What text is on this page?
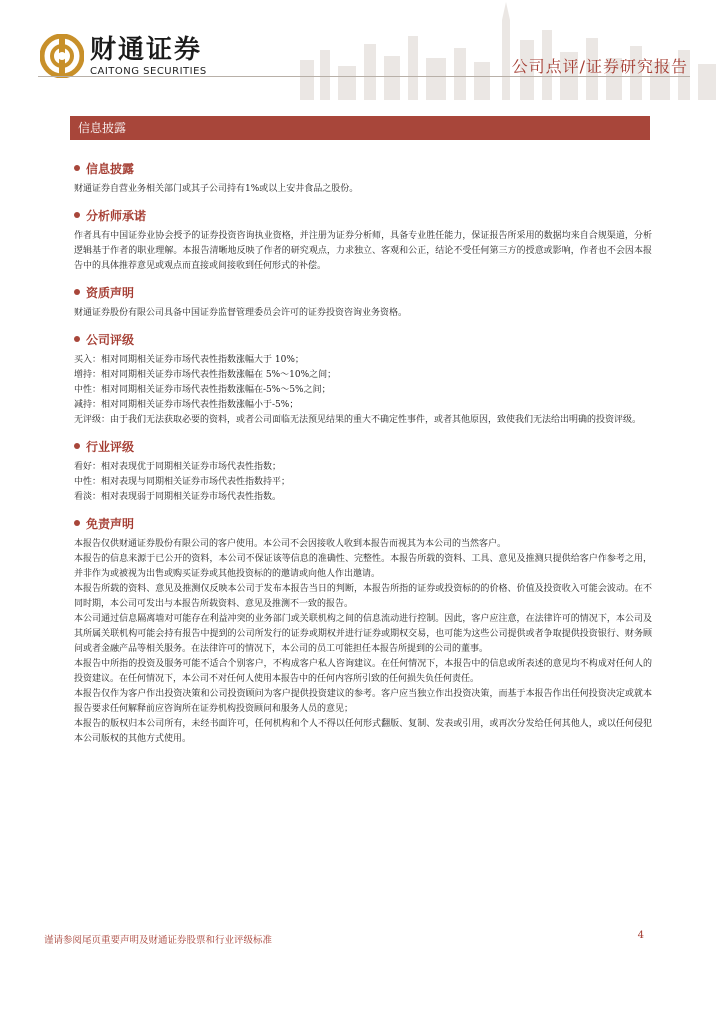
财通证券
CAITONG SECURITIES	公司点评/证券研究报告
信息披露
信息披露

财通证券自营业务相关部门或其子公司持有1%或以上安井食品之股份。

分析师承诺

作者具有中国证券业协会授予的证券投资咨询执业资格，并注册为证券分析师，具备专业胜任能力，保证报告所采用的数据均来自合规渠道，分析逻辑基于作者的职业理解。本报告清晰地反映了作者的研究观点，力求独立、客观和公正，结论不受任何第三方的授意或影响，作者也不会因本报告中的具体推荐意见或观点而直接或间接收到任何形式的补偿。

资质声明

财通证券股份有限公司具备中国证券监督管理委员会许可的证券投资咨询业务资格。

公司评级

买入：相对同期相关证券市场代表性指数涨幅大于 10%；

增持：相对同期相关证券市场代表性指数涨幅在 5%～10%之间；

中性：相对同期相关证券市场代表性指数涨幅在-5%～5%之间；

减持：相对同期相关证券市场代表性指数涨幅小于-5%；

无评级：由于我们无法获取必要的资料，或者公司面临无法预见结果的重大不确定性事件，或者其他原因，致使我们无法给出明确的投资评级。

行业评级

看好：相对表现优于同期相关证券市场代表性指数；

中性：相对表现与同期相关证券市场代表性指数持平；

看淡：相对表现弱于同期相关证券市场代表性指数。

免责声明

本报告仅供财通证券股份有限公司的客户使用。本公司不会因接收人收到本报告而视其为本公司的当然客户。

本报告的信息来源于已公开的资料，本公司不保证该等信息的准确性、完整性。本报告所载的资料、工具、意见及推测只提供给客户作参考之用，并非作为或被视为出售或购买证券或其他投资标的的邀请或向他人作出邀请。

本报告所载的资料、意见及推测仅反映本公司于发布本报告当日的判断，本报告所指的证券或投资标的的价格、价值及投资收入可能会波动。在不同时期，本公司可发出与本报告所载资料、意见及推测不一致的报告。

本公司通过信息隔离墙对可能存在利益冲突的业务部门或关联机构之间的信息流动进行控制。因此，客户应注意，在法律许可的情况下，本公司及其所属关联机构可能会持有报告中提到的公司所发行的证券或期权并进行证券或期权交易，也可能为这些公司提供或者争取提供投资银行、财务顾问或者金融产品等相关服务。在法律许可的情况下，本公司的员工可能担任本报告所提到的公司的董事。

本报告中所指的投资及服务可能不适合个别客户，不构成客户私人咨询建议。在任何情况下，本报告中的信息或所表述的意见均不构成对任何人的投资建议。在任何情况下，本公司不对任何人使用本报告中的任何内容所引致的任何损失负任何责任。

本报告仅作为客户作出投资决策和公司投资顾问为客户提供投资建议的参考。客户应当独立作出投资决策，而基于本报告作出任何投资决定或就本报告要求任何解释前应咨询所在证券机构投资顾问和服务人员的意见；

本报告的版权归本公司所有，未经书面许可，任何机构和个人不得以任何形式翻版、复制、发表或引用，或再次分发给任何其他人，或以任何侵犯本公司版权的其他方式使用。

谨请参阅尾页重要声明及财通证券股票和行业评级标准	4
